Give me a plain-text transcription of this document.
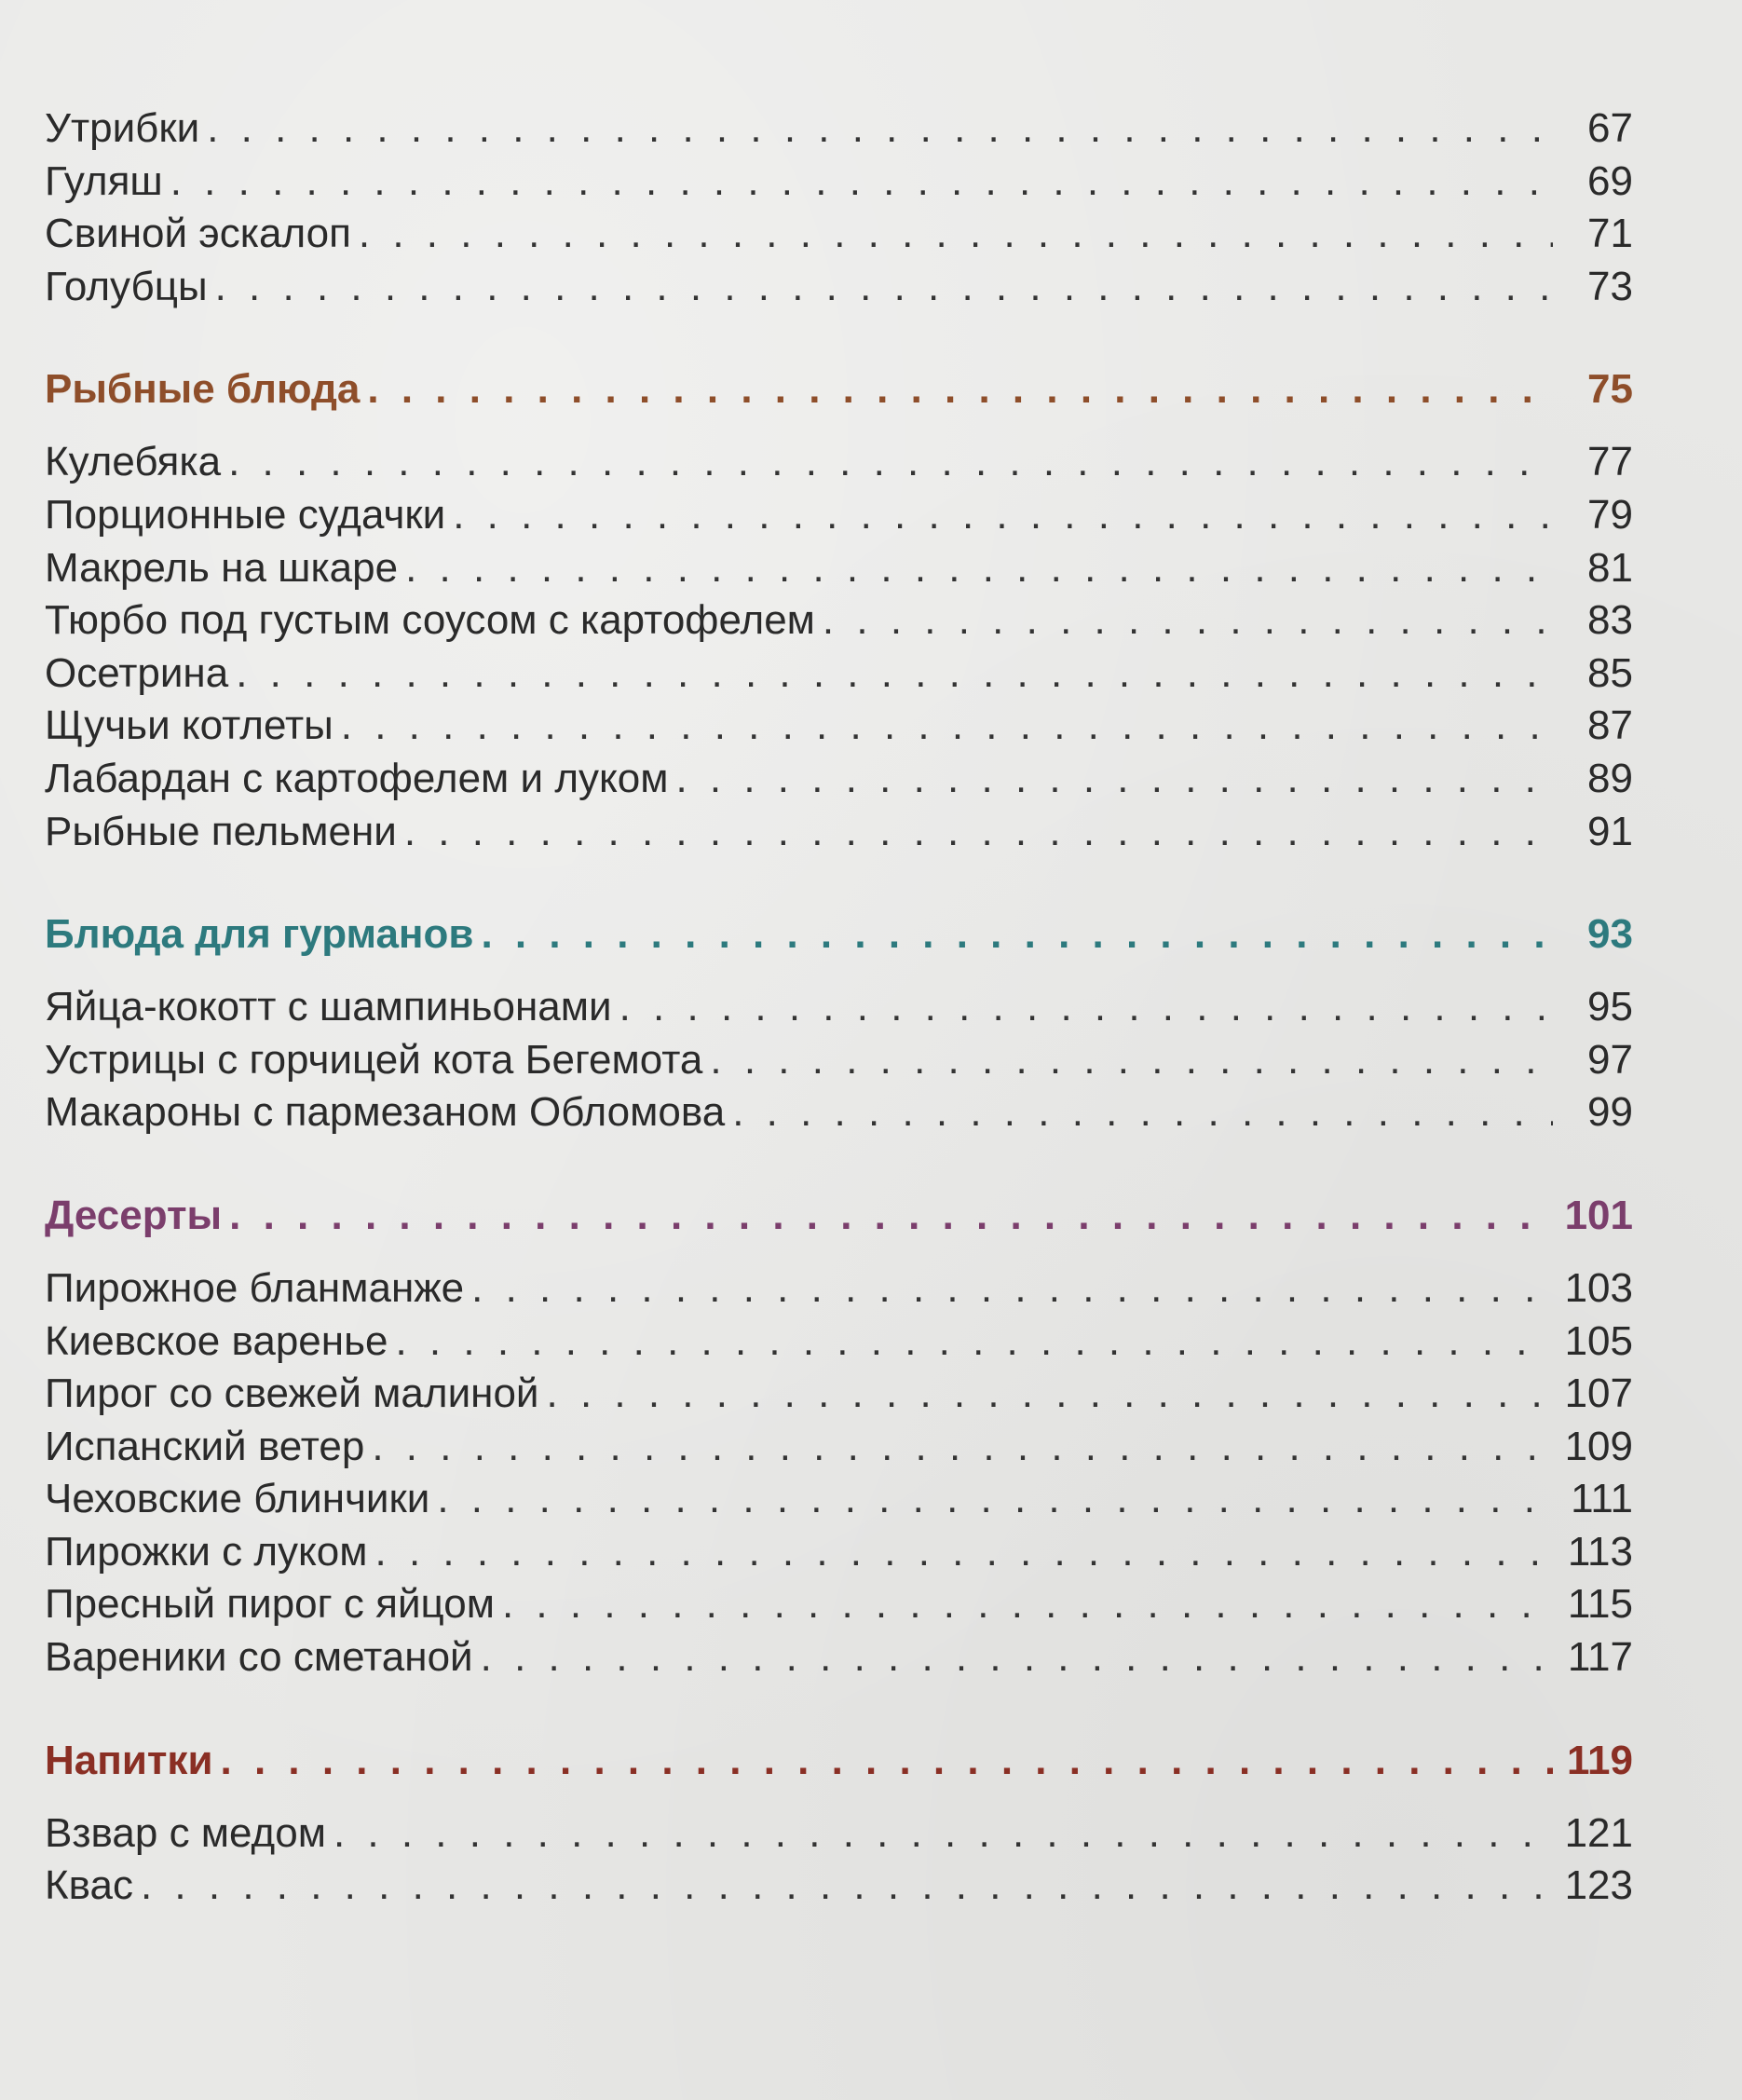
Утрибки . . .	67
Гуляш . . .	69
Свиной эскалоп . . .	71
Голубцы . . .	73
Рыбные блюда . . .	75
Кулебяка . . .	77
Порционные судачки . . .	79
Макрель на шкаре . . .	81
Тюрбо под густым соусом с картофелем . . .	83
Осетрина . . .	85
Щучьи котлеты . . .	87
Лабардан с картофелем и луком . . .	89
Рыбные пельмени . . .	91
Блюда для гурманов . . .	93
Яйца-кокотт с шампиньонами . . .	95
Устрицы с горчицей кота Бегемота . . .	97
Макароны с пармезаном Обломова . . .	99
Десерты . . .	101
Пирожное бланманже . . .	103
Киевское варенье . . .	105
Пирог со свежей малиной . . .	107
Испанский ветер . . .	109
Чеховские блинчики . . .	111
Пирожки с луком . . .	113
Пресный пирог с яйцом . . .	115
Вареники со сметаной . . .	117
Напитки . . .	119
Взвар с медом . . .	121
Квас . . .	123
